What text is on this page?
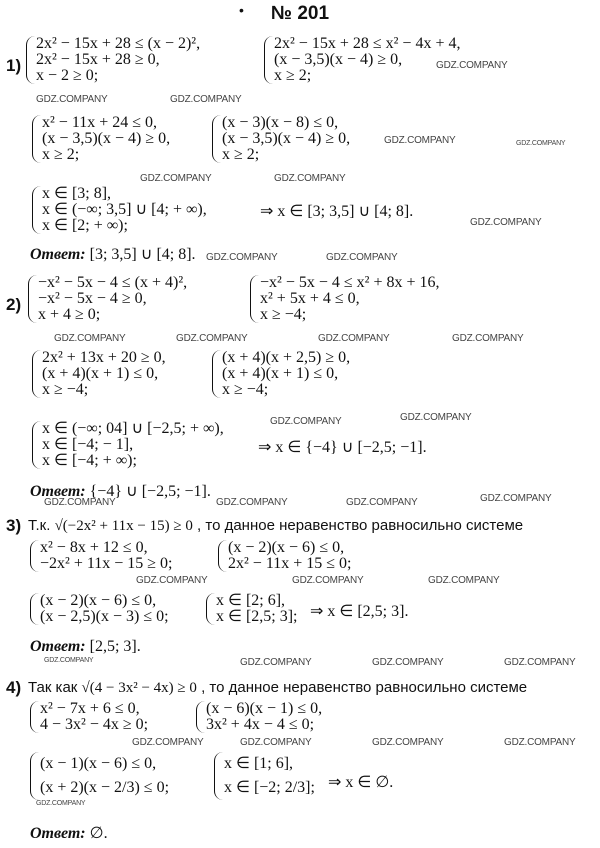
•	№ 201
1)
2x² − 15x + 28 ≤ (x − 2)²,
2x² − 15x + 28 ≥ 0,
x − 2 ≥ 0;
2x² − 15x + 28 ≤ x² − 4x + 4,
(x − 3,5)(x − 4) ≥ 0,
x ≥ 2;
x² − 11x + 24 ≤ 0,
(x − 3,5)(x − 4) ≥ 0,
x ≥ 2;
(x − 3)(x − 8) ≤ 0,
(x − 3,5)(x − 4) ≥ 0,
x ≥ 2;
x ∈ [3; 8],
x ∈ (−∞; 3,5] ∪ [4; + ∞),
x ∈ [2; + ∞);
⇒ x ∈ [3; 3,5] ∪ [4; 8].
Ответ: [3; 3,5] ∪ [4; 8].
2)
−x² − 5x − 4 ≤ (x + 4)²,
−x² − 5x − 4 ≥ 0,
x + 4 ≥ 0;
−x² − 5x − 4 ≤ x² + 8x + 16,
x² + 5x + 4 ≤ 0,
x ≥ −4;
2x² + 13x + 20 ≥ 0,
(x + 4)(x + 1) ≤ 0,
x ≥ −4;
(x + 4)(x + 2,5) ≥ 0,
(x + 4)(x + 1) ≤ 0,
x ≥ −4;
x ∈ (−∞; 04] ∪ [−2,5; + ∞),
x ∈ [−4; − 1],
x ∈ [−4; + ∞);
⇒ x ∈ {−4} ∪ [−2,5; −1].
Ответ: {−4} ∪ [−2,5; −1].
3) Т.к. √(−2x² + 11x − 15) ≥ 0 , то данное неравенство равносильно системе
x² − 8x + 12 ≤ 0,
−2x² + 11x − 15 ≥ 0;
(x − 2)(x − 6) ≤ 0,
2x² − 11x + 15 ≤ 0;
(x − 2)(x − 6) ≤ 0,
(x − 2,5)(x − 3) ≤ 0;
x ∈ [2; 6],
x ∈ [2,5; 3]; ⇒ x ∈ [2,5; 3].
Ответ: [2,5; 3].
4) Так как √(4 − 3x² − 4x) ≥ 0 , то данное неравенство равносильно системе
x² − 7x + 6 ≤ 0,
4 − 3x² − 4x ≥ 0;
(x − 6)(x − 1) ≤ 0,
3x² + 4x − 4 ≤ 0;
(x − 1)(x − 6) ≤ 0,
(x + 2)(x − 2/3) ≤ 0;
x ∈ [1; 6],
x ∈ [−2; 2/3]; ⇒ x ∈ ∅.
Ответ: ∅.
GDZ.COMPANY
GDZ.COMPANY	GDZ.COMPANY
GDZ.COMPANY	GDZ.COMPANY
GDZ.COMPANY	GDZ.COMPANY
GDZ.COMPANY
GDZ.COMPANY	GDZ.COMPANY
GDZ.COMPANY	GDZ.COMPANY	GDZ.COMPANY	GDZ.COMPANY
GDZ.COMPANY	GDZ.COMPANY
GDZ.COMPANY	GDZ.COMPANY	GDZ.COMPANY	GDZ.COMPANY
GDZ.COMPANY	GDZ.COMPANY	GDZ.COMPANY
GDZ.COMPANY	GDZ.COMPANY	GDZ.COMPANY	GDZ.COMPANY
GDZ.COMPANY	GDZ.COMPANY	GDZ.COMPANY	GDZ.COMPANY
GDZ.COMPANY
